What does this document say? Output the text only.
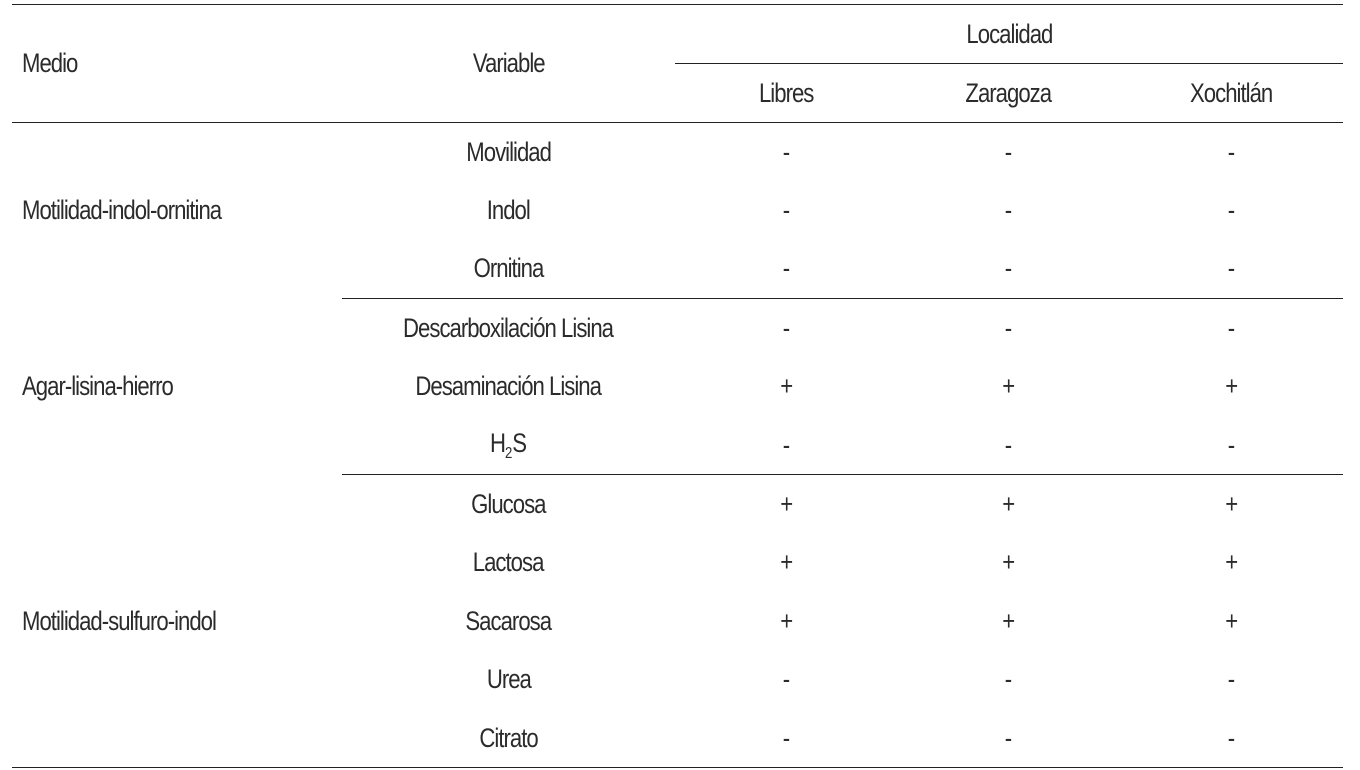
Medio	Variable	Localidad		
		Libres	Zaragoza	Xochitlán
Motilidad-indol-ornitina	Movilidad	-	-	-
	Indol	-	-	-
	Ornitina	-	-	-
Agar-lisina-hierro	Descarboxilación Lisina	-	-	-
	Desaminación Lisina	+	+	+
	$H_2S$	-	-	-
Motilidad-sulfuro-indol	Glucosa	+	+	+
	Lactosa	+	+	+
	Sacarosa	+	+	+
	Urea	-	-	-
	Citrato	-	-	-
